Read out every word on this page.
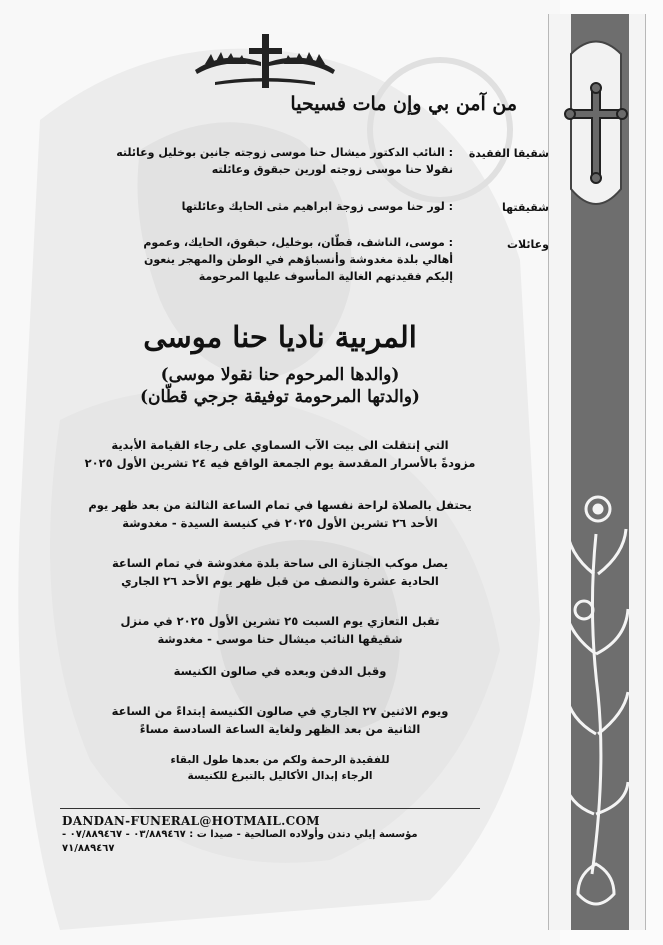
من آمن بي وإن مات فسيحيا
شقيقا الفقيدة
: النائب الدكتور ميشال حنا موسى زوجته جانين بوخليل وعائلته
نقولا حنا موسى زوجته لورين حبقوق وعائلته
شقيقتها
: لور حنا موسى زوجة ابراهيم مثى الحايك وعائلتها
وعائلات
: موسى، الناشف، قطّان، بوخليل، حبقوق، الحايك، وعموم
أهالي بلدة مغدوشة وأنسباؤهم في الوطن والمهجر ينعون
إليكم فقيدتهم الغالية المأسوف عليها المرحومة
المربية ناديا حنا موسى
(والدها المرحوم حنا نقولا موسى)
(والدتها المرحومة توفيقة جرجي قطّان)
التي إنتقلت الى بيت الآب السماوي على رجاء القيامة الأبدية
مزودةً بالأسرار المقدسة يوم الجمعة الواقع فيه ٢٤ تشرين الأول ٢٠٢٥
يحتفل بالصلاة لراحة نفسها في تمام الساعة الثالثة من بعد ظهر يوم
الأحد ٢٦ تشرين الأول ٢٠٢٥ في كنيسة السيدة - مغدوشة
يصل موكب الجنازة الى ساحة بلدة مغدوشة في تمام الساعة
الحادية عشرة والنصف من قبل ظهر يوم الأحد ٢٦ الجاري
تقبل التعازي يوم السبت ٢٥ تشرين الأول ٢٠٢٥ في منزل
شقيقها النائب ميشال حنا موسى - مغدوشة
وقبل الدفن وبعده في صالون الكنيسة
ويوم الاثنين ٢٧ الجاري في صالون الكنيسة إبتداءً من الساعة
الثانية من بعد الظهر ولغاية الساعة السادسة مساءً
للفقيدة الرحمة ولكم من بعدها طول البقاء
الرجاء إبدال الأكاليل بالتبرع للكنيسة
DANDAN-FUNERAL@HOTMAIL.COM
مؤسسة إيلي دندن وأولاده الصالحية - صيدا ت : ٠٣/٨٨٩٤٦٧ - ٠٧/٨٨٩٤٦٧ -
٧١/٨٨٩٤٦٧
